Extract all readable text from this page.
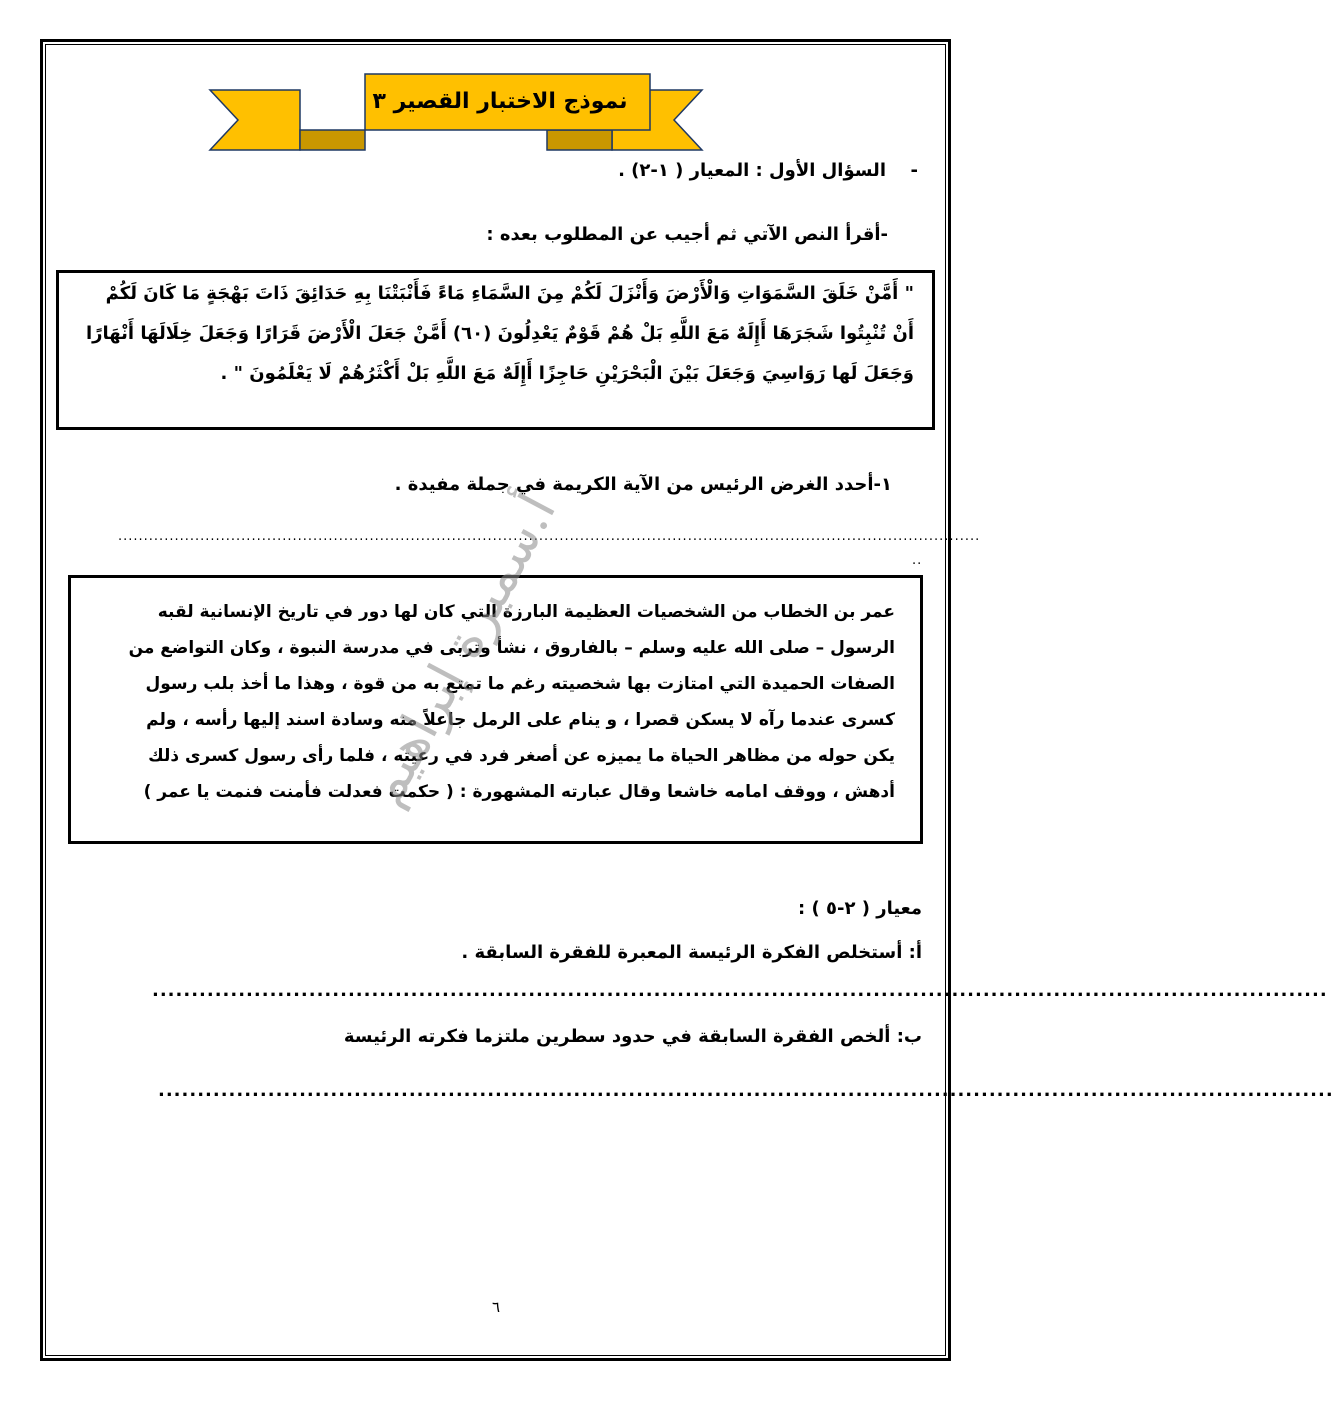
نموذج الاختبار القصير ٣
-
السؤال الأول : المعيار ( ١-٢) .
-أقرأ النص الآتي ثم أجيب عن المطلوب بعده :
" أَمَّنْ خَلَقَ السَّمَوَاتِ وَالْأَرْضَ وَأَنْزَلَ لَكُمْ مِنَ السَّمَاءِ مَاءً فَأَنْبَتْنَا بِهِ حَدَائِقَ ذَاتَ بَهْجَةٍ مَا كَانَ لَكُمْ
أَنْ تُنْبِتُوا شَجَرَهَا أَإِلَهٌ مَعَ اللَّهِ بَلْ هُمْ قَوْمٌ يَعْدِلُونَ (٦٠) أَمَّنْ جَعَلَ الْأَرْضَ قَرَارًا وَجَعَلَ خِلَالَهَا أَنْهَارًا
وَجَعَلَ لَها رَوَاسِيَ وَجَعَلَ بَيْنَ الْبَحْرَيْنِ حَاجِزًا أَإِلَهٌ مَعَ اللَّهِ بَلْ أَكْثَرُهُمْ لَا يَعْلَمُونَ " .
١-أحدد الغرض الرئيس من الآية الكريمة في جملة مفيدة .
........................................................................................................................................................................
..
عمر بن الخطاب من الشخصيات العظيمة البارزة التي كان لها دور في تاريخ الإنسانية لقبه
الرسول – صلى الله عليه وسلم – بالفاروق ، نشأ وتربى في مدرسة النبوة ، وكان التواضع من
الصفات الحميدة التي امتازت بها شخصيته رغم ما تمتع به من قوة ، وهذا ما أخذ بلب رسول
كسرى عندما رآه لا يسكن قصرا ، و ينام على الرمل جاعلاً منه وسادة اسند إليها رأسه ، ولم
يكن حوله من مظاهر الحياة ما يميزه عن أصغر فرد في رعيته ، فلما رأى رسول كسرى ذلك
أدهش ، ووقف امامه خاشعا وقال عبارته المشهورة : ( حكمت فعدلت فأمنت فنمت يا عمر )
أ.سميرة إبراهيم
معيار ( ٢-٥ ) :
أ: أستخلص الفكرة الرئيسة المعبرة للفقرة السابقة .
......................................................................................................................................................
ب: ألخص الفقرة السابقة في حدود سطرين ملتزما فكرته الرئيسة
......................................................................................................................................................
٦
